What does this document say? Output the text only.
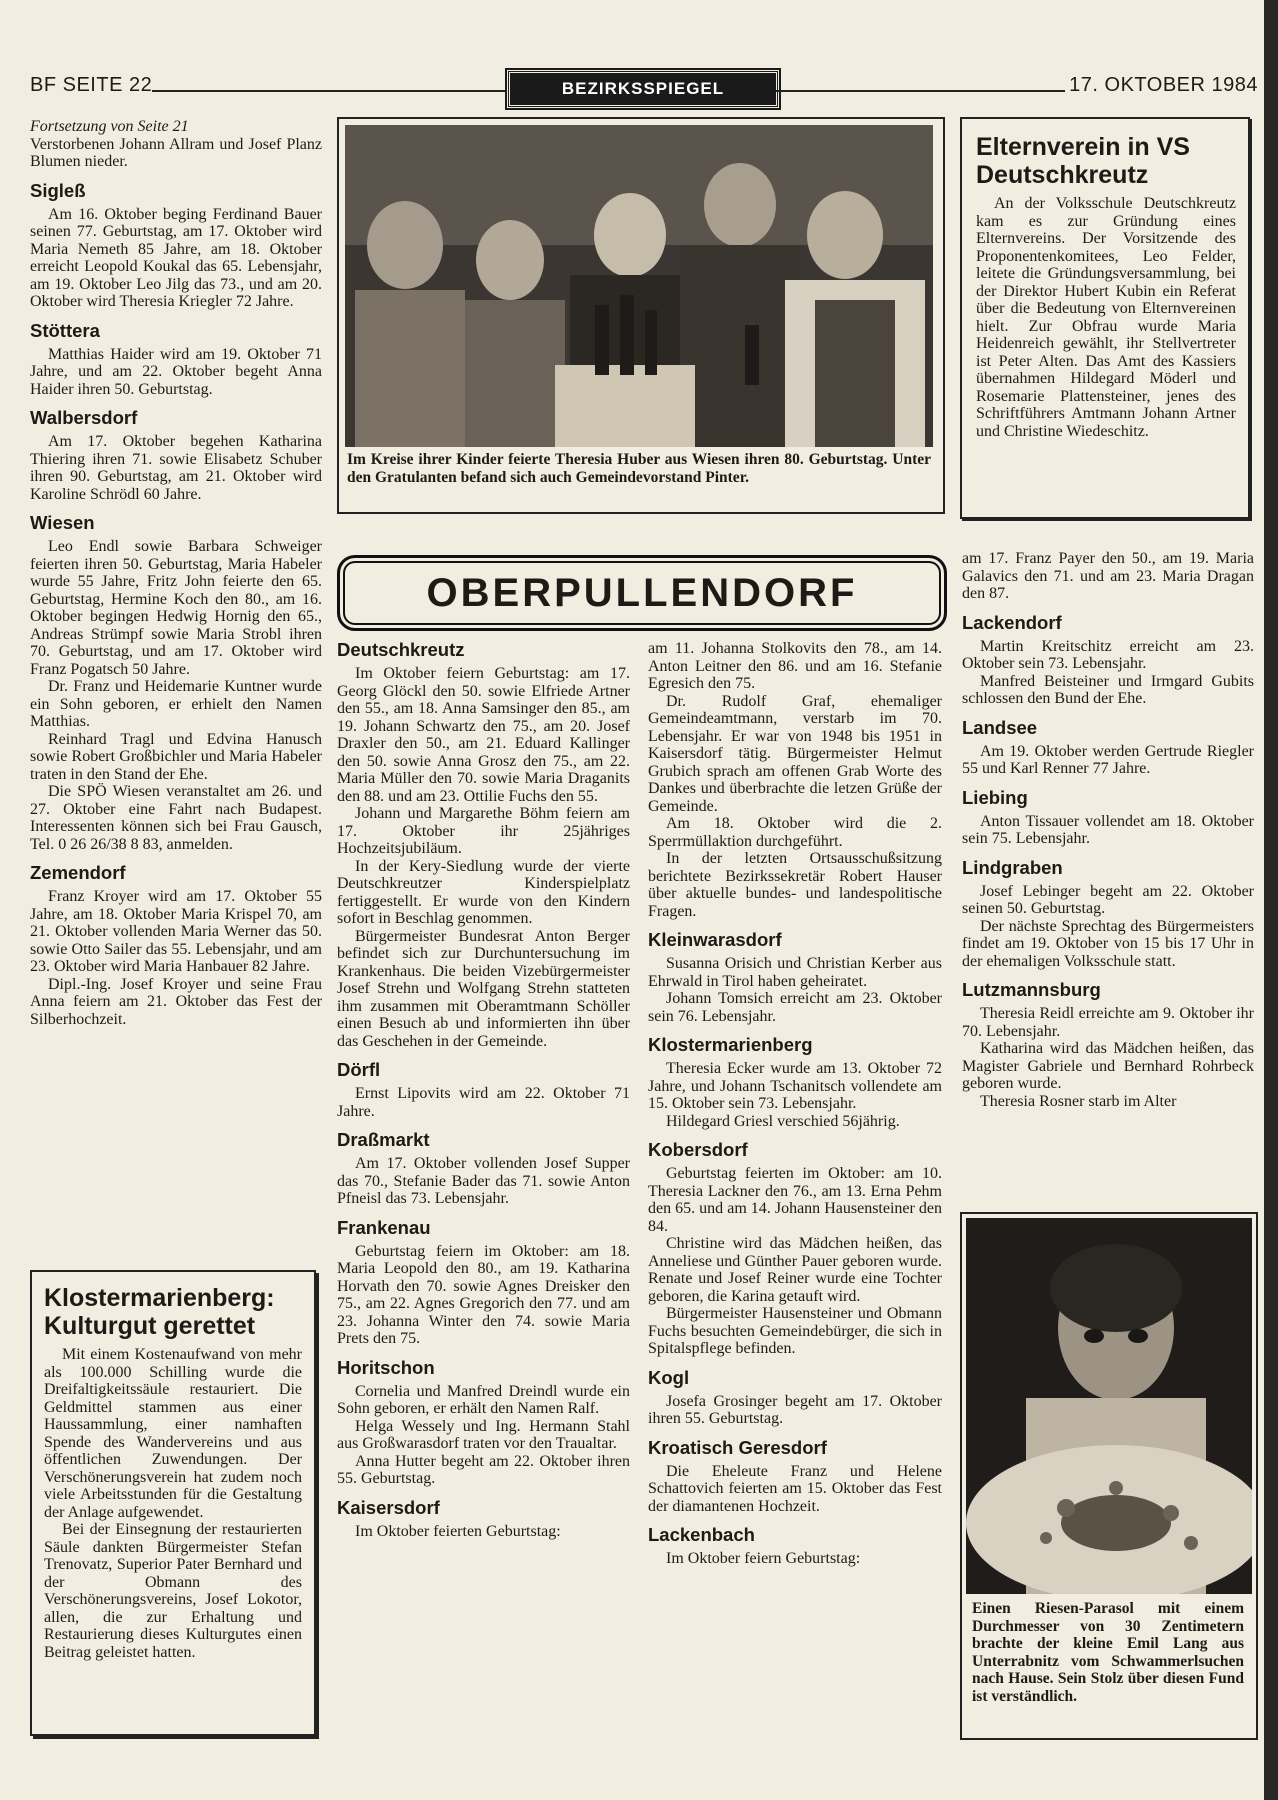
BF SEITE 22	BEZIRKSSPIEGEL	17. OKTOBER 1984

Fortsetzung von Seite 21

Verstorbenen Johann Allram und Josef Planz Blumen nieder.

Sigleß

Am 16. Oktober beging Ferdinand Bauer seinen 77. Geburtstag, am 17. Oktober wird Maria Nemeth 85 Jahre, am 18. Oktober erreicht Leopold Koukal das 65. Lebensjahr, am 19. Oktober Leo Jilg das 73., und am 20. Oktober wird Theresia Kriegler 72 Jahre.

Stöttera

Matthias Haider wird am 19. Oktober 71 Jahre, und am 22. Oktober begeht Anna Haider ihren 50. Geburtstag.

Walbersdorf

Am 17. Oktober begehen Katharina Thiering ihren 71. sowie Elisabetz Schuber ihren 90. Geburtstag, am 21. Oktober wird Karoline Schrödl 60 Jahre.

Wiesen

Leo Endl sowie Barbara Schweiger feierten ihren 50. Geburtstag, Maria Habeler wurde 55 Jahre, Fritz John feierte den 65. Geburtstag, Hermine Koch den 80., am 16. Oktober begingen Hedwig Hornig den 65., Andreas Strümpf sowie Maria Strobl ihren 70. Geburtstag, und am 17. Oktober wird Franz Pogatsch 50 Jahre.

Dr. Franz und Heidemarie Kuntner wurde ein Sohn geboren, er erhielt den Namen Matthias.

Reinhard Tragl und Edvina Hanusch sowie Robert Großbichler und Maria Habeler traten in den Stand der Ehe.

Die SPÖ Wiesen veranstaltet am 26. und 27. Oktober eine Fahrt nach Budapest. Interessenten können sich bei Frau Gausch, Tel. 0 26 26/38 8 83, anmelden.

Zemendorf

Franz Kroyer wird am 17. Oktober 55 Jahre, am 18. Oktober Maria Krispel 70, am 21. Oktober vollenden Maria Werner das 50. sowie Otto Sailer das 55. Lebensjahr, und am 23. Oktober wird Maria Hanbauer 82 Jahre.

Dipl.-Ing. Josef Kroyer und seine Frau Anna feiern am 21. Oktober das Fest der Silberhochzeit.

Klostermarienberg: Kulturgut gerettet

Mit einem Kostenaufwand von mehr als 100.000 Schilling wurde die Dreifaltigkeitssäule restauriert. Die Geldmittel stammen aus einer Haussammlung, einer namhaften Spende des Wandervereins und aus öffentlichen Zuwendungen. Der Verschönerungsverein hat zudem noch viele Arbeitsstunden für die Gestaltung der Anlage aufgewendet.

Bei der Einsegnung der restaurierten Säule dankten Bürgermeister Stefan Trenovatz, Superior Pater Bernhard und der Obmann des Verschönerungsvereins, Josef Lokotor, allen, die zur Erhaltung und Restaurierung dieses Kulturgutes einen Beitrag geleistet hatten.

Im Kreise ihrer Kinder feierte Theresia Huber aus Wiesen ihren 80. Geburtstag. Unter den Gratulanten befand sich auch Gemeindevorstand Pinter.
Elternverein in VS Deutschkreutz

An der Volksschule Deutschkreutz kam es zur Gründung eines Elternvereins. Der Vorsitzende des Proponentenkomitees, Leo Felder, leitete die Gründungsversammlung, bei der Direktor Hubert Kubin ein Referat über die Bedeutung von Elternvereinen hielt. Zur Obfrau wurde Maria Heidenreich gewählt, ihr Stellvertreter ist Peter Alten. Das Amt des Kassiers übernahmen Hildegard Möderl und Rosemarie Plattensteiner, jenes des Schriftführers Amtmann Johann Artner und Christine Wiedeschitz.

OBERPULLENDORF
Deutschkreutz

Im Oktober feiern Geburtstag: am 17. Georg Glöckl den 50. sowie Elfriede Artner den 55., am 18. Anna Samsinger den 85., am 19. Johann Schwartz den 75., am 20. Josef Draxler den 50., am 21. Eduard Kallinger den 50. sowie Anna Grosz den 75., am 22. Maria Müller den 70. sowie Maria Draganits den 88. und am 23. Ottilie Fuchs den 55.

Johann und Margarethe Böhm feiern am 17. Oktober ihr 25jähriges Hochzeitsjubiläum.

In der Kery-Siedlung wurde der vierte Deutschkreutzer Kinderspielplatz fertiggestellt. Er wurde von den Kindern sofort in Beschlag genommen.

Bürgermeister Bundesrat Anton Berger befindet sich zur Durchuntersuchung im Krankenhaus. Die beiden Vizebürgermeister Josef Strehn und Wolfgang Strehn statteten ihm zusammen mit Oberamtmann Schöller einen Besuch ab und informierten ihn über das Geschehen in der Gemeinde.

Dörfl

Ernst Lipovits wird am 22. Oktober 71 Jahre.

Draßmarkt

Am 17. Oktober vollenden Josef Supper das 70., Stefanie Bader das 71. sowie Anton Pfneisl das 73. Lebensjahr.

Frankenau

Geburtstag feiern im Oktober: am 18. Maria Leopold den 80., am 19. Katharina Horvath den 70. sowie Agnes Dreisker den 75., am 22. Agnes Gregorich den 77. und am 23. Johanna Winter den 74. sowie Maria Prets den 75.

Horitschon

Cornelia und Manfred Dreindl wurde ein Sohn geboren, er erhält den Namen Ralf.

Helga Wessely und Ing. Hermann Stahl aus Großwarasdorf traten vor den Traualtar.

Anna Hutter begeht am 22. Oktober ihren 55. Geburtstag.

Kaisersdorf

Im Oktober feierten Geburtstag:

am 11. Johanna Stolkovits den 78., am 14. Anton Leitner den 86. und am 16. Stefanie Egresich den 75.

Dr. Rudolf Graf, ehemaliger Gemeindeamtmann, verstarb im 70. Lebensjahr. Er war von 1948 bis 1951 in Kaisersdorf tätig. Bürgermeister Helmut Grubich sprach am offenen Grab Worte des Dankes und überbrachte die letzen Grüße der Gemeinde.

Am 18. Oktober wird die 2. Sperrmüllaktion durchgeführt.

In der letzten Ortsausschußsitzung berichtete Bezirkssekretär Robert Hauser über aktuelle bundes- und landespolitische Fragen.

Kleinwarasdorf

Susanna Orisich und Christian Kerber aus Ehrwald in Tirol haben geheiratet.

Johann Tomsich erreicht am 23. Oktober sein 76. Lebensjahr.

Klostermarienberg

Theresia Ecker wurde am 13. Oktober 72 Jahre, und Johann Tschanitsch vollendete am 15. Oktober sein 73. Lebensjahr.

Hildegard Griesl verschied 56jährig.

Kobersdorf

Geburtstag feierten im Oktober: am 10. Theresia Lackner den 76., am 13. Erna Pehm den 65. und am 14. Johann Hausensteiner den 84.

Christine wird das Mädchen heißen, das Anneliese und Günther Pauer geboren wurde. Renate und Josef Reiner wurde eine Tochter geboren, die Karina getauft wird.

Bürgermeister Hausensteiner und Obmann Fuchs besuchten Gemeindebürger, die sich in Spitalspflege befinden.

Kogl

Josefa Grosinger begeht am 17. Oktober ihren 55. Geburtstag.

Kroatisch Geresdorf

Die Eheleute Franz und Helene Schattovich feierten am 15. Oktober das Fest der diamantenen Hochzeit.

Lackenbach

Im Oktober feiern Geburtstag:

am 17. Franz Payer den 50., am 19. Maria Galavics den 71. und am 23. Maria Dragan den 87.

Lackendorf

Martin Kreitschitz erreicht am 23. Oktober sein 73. Lebensjahr.

Manfred Beisteiner und Irmgard Gubits schlossen den Bund der Ehe.

Landsee

Am 19. Oktober werden Gertrude Riegler 55 und Karl Renner 77 Jahre.

Liebing

Anton Tissauer vollendet am 18. Oktober sein 75. Lebensjahr.

Lindgraben

Josef Lebinger begeht am 22. Oktober seinen 50. Geburtstag.

Der nächste Sprechtag des Bürgermeisters findet am 19. Oktober von 15 bis 17 Uhr in der ehemaligen Volksschule statt.

Lutzmannsburg

Theresia Reidl erreichte am 9. Oktober ihr 70. Lebensjahr.

Katharina wird das Mädchen heißen, das Magister Gabriele und Bernhard Rohrbeck geboren wurde.

Theresia Rosner starb im Alter

Einen Riesen-Parasol mit einem Durchmesser von 30 Zentimetern brachte der kleine Emil Lang aus Unterrabnitz vom Schwammerlsuchen nach Hause. Sein Stolz über diesen Fund ist verständlich.
